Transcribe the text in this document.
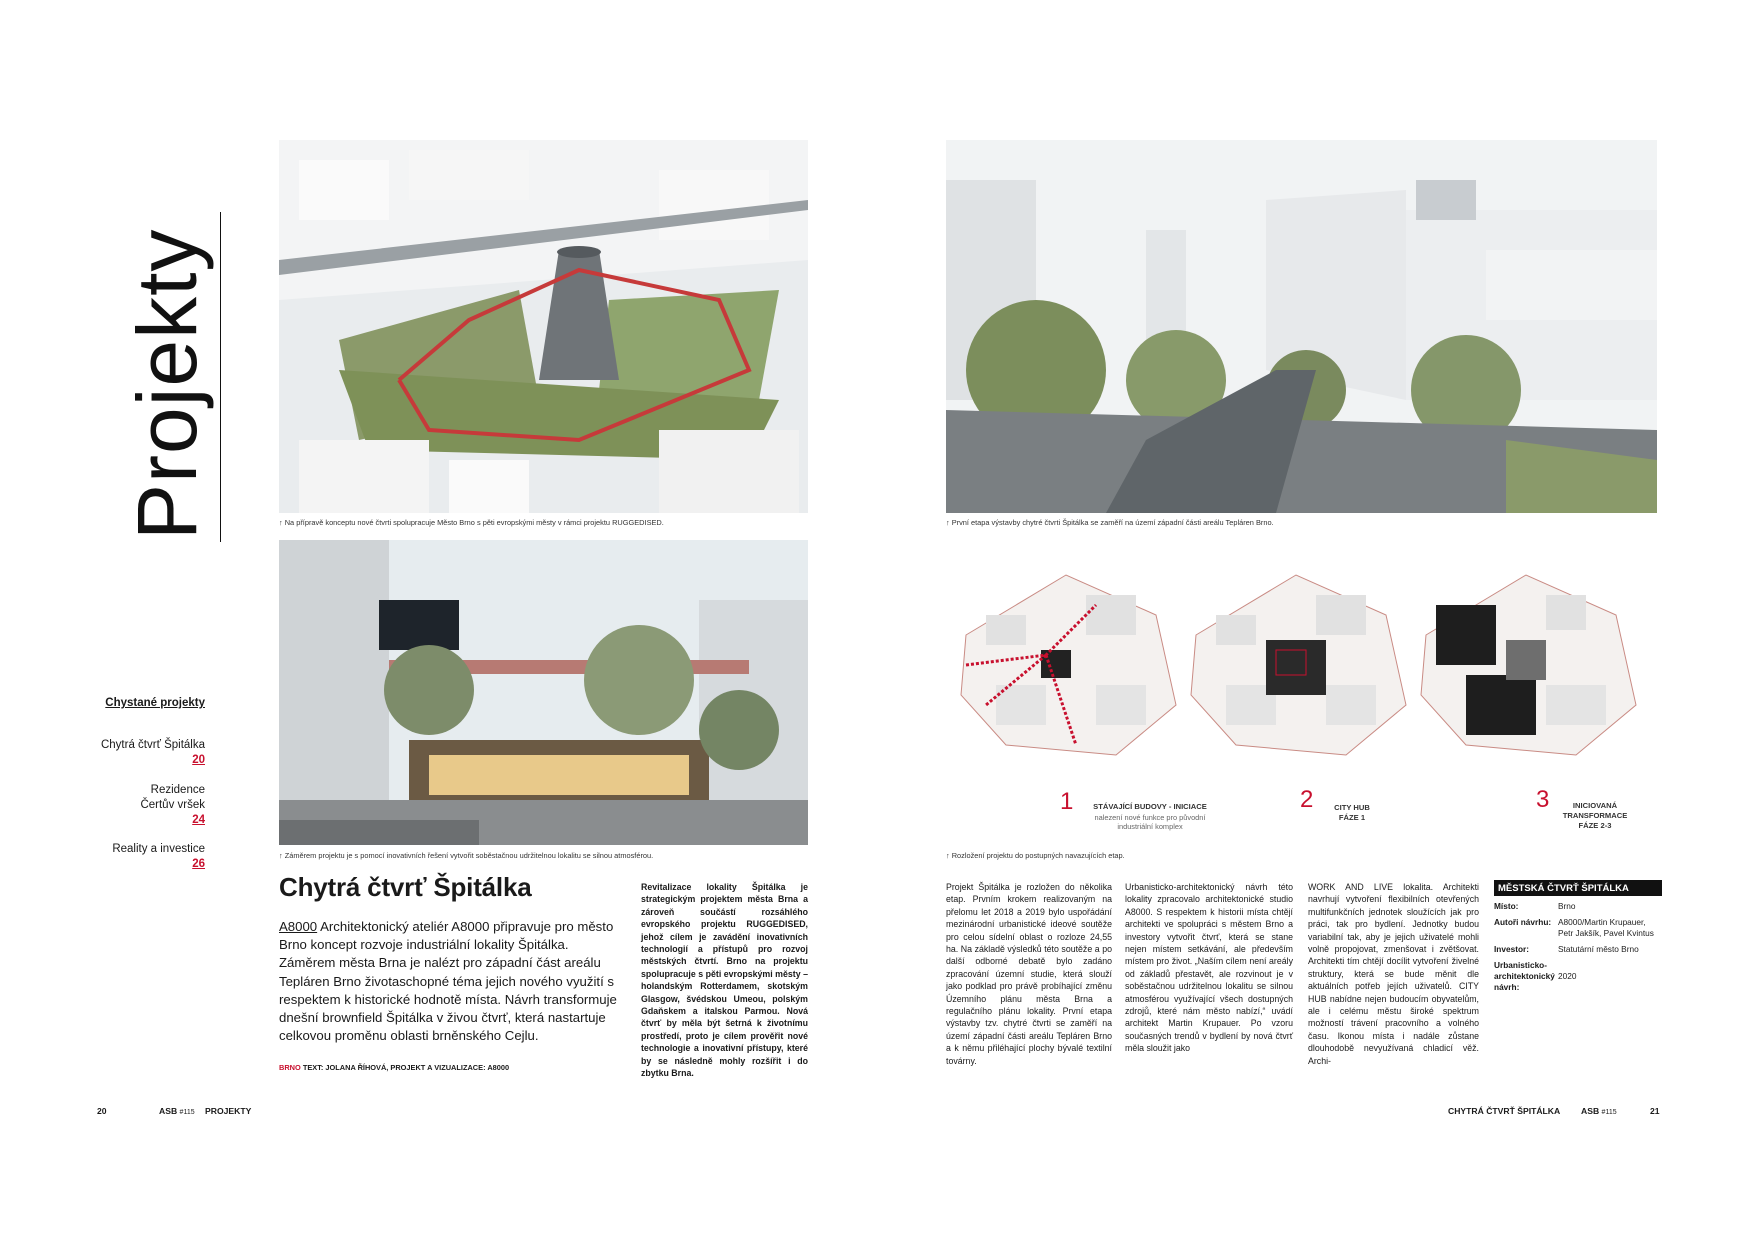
Projekty
Chystané projekty
Chytrá čtvrť Špitálka
20
Rezidence
Čertův vršek
24
Reality a investice
26
↑ Na přípravě konceptu nové čtvrti spolupracuje Město Brno s pěti evropskými městy v rámci projektu RUGGEDISED.
↑ Záměrem projektu je s pomocí inovativních řešení vytvořit soběstačnou udržitelnou lokalitu se silnou atmosférou.
↑ První etapa výstavby chytré čtvrti Špitálka se zaměří na území západní části areálu Tepláren Brno.
1	STÁVAJÍCÍ BUDOVY - INICIACE
nalezení nové funkce pro původní
industriální komplex
2	CITY HUB
FÁZE 1
3	INICIOVANÁ
TRANSFORMACE
FÁZE 2-3
↑ Rozložení projektu do postupných navazujících etap.
Chytrá čtvrť Špitálka
A8000 Architektonický ateliér A8000 připravuje pro město Brno koncept rozvoje industriální lokality Špitálka. Záměrem města Brna je nalézt pro západní část areálu Tepláren Brno životaschopné téma jejich nového využití s respektem k historické hodnotě místa. Návrh transformuje dnešní brownfield Špitálka v živou čtvrť, která nastartuje celkovou proměnu oblasti brněnského Cejlu.
BRNO TEXT: JOLANA ŘÍHOVÁ, PROJEKT A VIZUALIZACE: A8000
Revitalizace lokality Špitálka je strategickým projektem města Brna a zároveň součástí rozsáhlého evropského projektu RUGGEDISED, jehož cílem je zavádění inovativních technologií a přístupů pro rozvoj městských čtvrtí. Brno na projektu spolupracuje s pěti evropskými městy – holandským Rotterdamem, skotským Glasgow, švédskou Umeou, polským Gdaňskem a italskou Parmou. Nová čtvrť by měla být šetrná k životnímu prostředí, proto je cílem prověřit nové technologie a inovativní přístupy, které by se následně mohly rozšířit i do zbytku Brna.
Projekt Špitálka je rozložen do několika etap. Prvním krokem realizovaným na přelomu let 2018 a 2019 bylo uspořádání mezinárodní urbanistické ideové soutěže pro celou sídelní oblast o rozloze 24,55 ha. Na základě výsledků této soutěže a po další odborné debatě bylo zadáno zpracování územní studie, která slouží jako podklad pro právě probíhající změnu Územního plánu města Brna a regulačního plánu lokality. První etapa výstavby tzv. chytré čtvrti se zaměří na území západní části areálu Tepláren Brno a k němu přiléhající plochy bývalé textilní továrny.
Urbanisticko-architektonický návrh této lokality zpracovalo architektonické studio A8000. S respektem k historii místa chtějí architekti ve spolupráci s městem Brno a investory vytvořit čtvrť, která se stane nejen místem setkávání, ale především místem pro život. „Naším cílem není areály od základů přestavět, ale rozvinout je v soběstačnou udržitelnou lokalitu se silnou atmosférou využívající všech dostupných zdrojů, které nám město nabízí,“ uvádí architekt Martin Krupauer. Po vzoru současných trendů v bydlení by nová čtvrť měla sloužit jako
WORK AND LIVE lokalita. Architekti navrhují vytvoření flexibilních otevřených multifunkčních jednotek sloužících jak pro práci, tak pro bydlení. Jednotky budou variabilní tak, aby je jejich uživatelé mohli volně propojovat, zmenšovat i zvětšovat. Architekti tím chtějí docílit vytvoření živelné struktury, která se bude měnit dle aktuálních potřeb jejích uživatelů. CITY HUB nabídne nejen budoucím obyvatelům, ale i celému městu široké spektrum možností trávení pracovního a volného času. Ikonou místa i nadále zůstane dlouhodobě nevyužívaná chladicí věž. Archi-
MĚSTSKÁ ČTVRŤ ŠPITÁLKA
Místo:	Brno
Autoři návrhu: A8000/Martin Krupauer, Petr Jakšík, Pavel Kvintus
Investor:	Statutární město Brno
Urbanisticko-architektonický návrh:
2020
20	ASB #115 PROJEKTY	CHYTRÁ ČTVRŤ ŠPITÁLKA ASB #115	21
